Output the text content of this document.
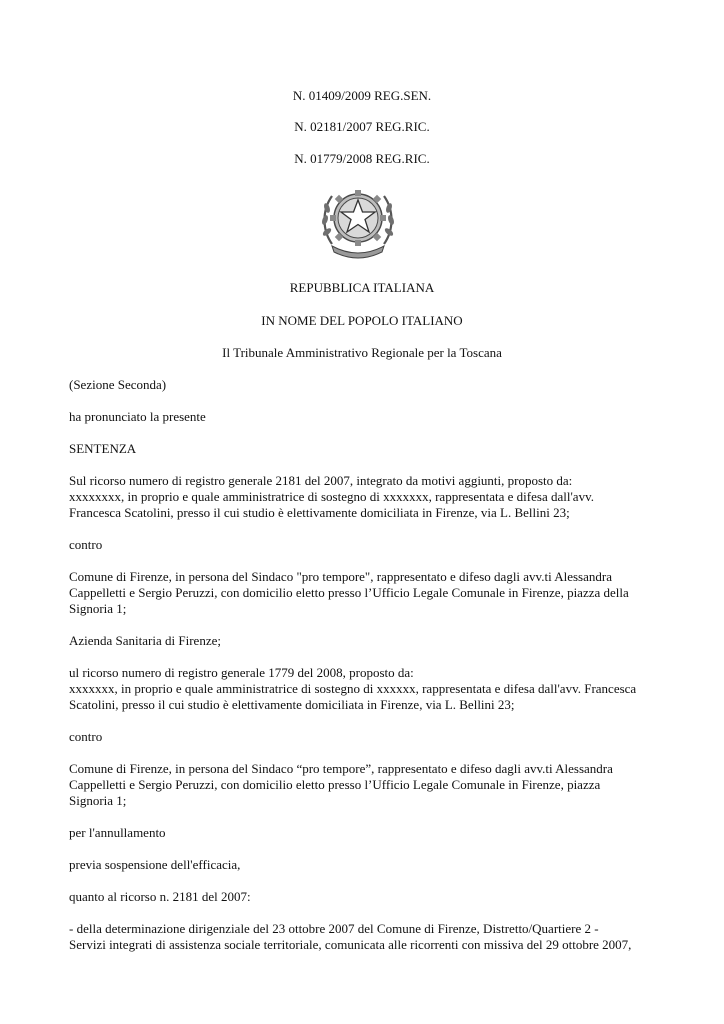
N. 01409/2009 REG.SEN.
N. 02181/2007 REG.RIC.
N. 01779/2008 REG.RIC.
REPUBBLICA ITALIANA
IN NOME DEL POPOLO ITALIANO
Il Tribunale Amministrativo Regionale per la Toscana
(Sezione Seconda)
ha pronunciato la presente
SENTENZA
Sul ricorso numero di registro generale 2181 del 2007, integrato da motivi aggiunti, proposto da:
xxxxxxxx, in proprio e quale amministratrice di sostegno di xxxxxxx, rappresentata e difesa dall'avv.
Francesca Scatolini, presso il cui studio è elettivamente domiciliata in Firenze, via L. Bellini 23;
contro
Comune di Firenze, in persona del Sindaco "pro tempore", rappresentato e difeso dagli avv.ti Alessandra
Cappelletti e Sergio Peruzzi, con domicilio eletto presso l’Ufficio Legale Comunale in Firenze, piazza della
Signoria 1;
Azienda Sanitaria di Firenze;
ul ricorso numero di registro generale 1779 del 2008, proposto da:
xxxxxxx, in proprio e quale amministratrice di sostegno di xxxxxx, rappresentata e difesa dall'avv. Francesca
Scatolini, presso il cui studio è elettivamente domiciliata in Firenze, via L. Bellini 23;
contro
Comune di Firenze, in persona del Sindaco “pro tempore”, rappresentato e difeso dagli avv.ti Alessandra
Cappelletti e Sergio Peruzzi, con domicilio eletto presso l’Ufficio Legale Comunale in Firenze, piazza
Signoria 1;
per l'annullamento
previa sospensione dell'efficacia,
quanto al ricorso n. 2181 del 2007:
- della determinazione dirigenziale del 23 ottobre 2007 del Comune di Firenze, Distretto/Quartiere 2 -
Servizi integrati di assistenza sociale territoriale, comunicata alle ricorrenti con missiva del 29 ottobre 2007,
